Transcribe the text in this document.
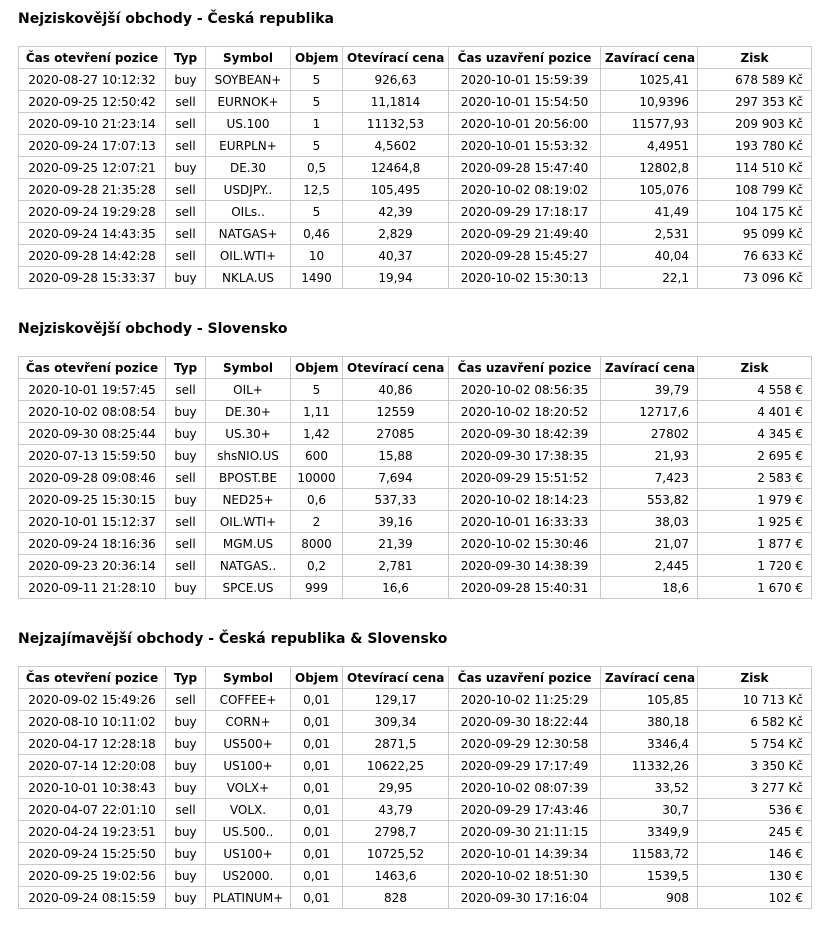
Nejziskovější obchody - Česká republika
Čas otevření pozice	Typ	Symbol	Objem	Otevírací cena	Čas uzavření pozice	Zavírací cena	Zisk
2020-08-27 10:12:32	buy	SOYBEAN+	5	926,63	2020-10-01 15:59:39	1025,41	678 589 Kč
2020-09-25 12:50:42	sell	EURNOK+	5	11,1814	2020-10-01 15:54:50	10,9396	297 353 Kč
2020-09-10 21:23:14	sell	US.100	1	11132,53	2020-10-01 20:56:00	11577,93	209 903 Kč
2020-09-24 17:07:13	sell	EURPLN+	5	4,5602	2020-10-01 15:53:32	4,4951	193 780 Kč
2020-09-25 12:07:21	buy	DE.30	0,5	12464,8	2020-09-28 15:47:40	12802,8	114 510 Kč
2020-09-28 21:35:28	sell	USDJPY..	12,5	105,495	2020-10-02 08:19:02	105,076	108 799 Kč
2020-09-24 19:29:28	sell	OILs..	5	42,39	2020-09-29 17:18:17	41,49	104 175 Kč
2020-09-24 14:43:35	sell	NATGAS+	0,46	2,829	2020-09-29 21:49:40	2,531	95 099 Kč
2020-09-28 14:42:28	sell	OIL.WTI+	10	40,37	2020-09-28 15:45:27	40,04	76 633 Kč
2020-09-28 15:33:37	buy	NKLA.US	1490	19,94	2020-10-02 15:30:13	22,1	73 096 Kč
Nejziskovější obchody - Slovensko
Čas otevření pozice	Typ	Symbol	Objem	Otevírací cena	Čas uzavření pozice	Zavírací cena	Zisk
2020-10-01 19:57:45	sell	OIL+	5	40,86	2020-10-02 08:56:35	39,79	4 558 €
2020-10-02 08:08:54	buy	DE.30+	1,11	12559	2020-10-02 18:20:52	12717,6	4 401 €
2020-09-30 08:25:44	buy	US.30+	1,42	27085	2020-09-30 18:42:39	27802	4 345 €
2020-07-13 15:59:50	buy	shsNIO.US	600	15,88	2020-09-30 17:38:35	21,93	2 695 €
2020-09-28 09:08:46	sell	BPOST.BE	10000	7,694	2020-09-29 15:51:52	7,423	2 583 €
2020-09-25 15:30:15	buy	NED25+	0,6	537,33	2020-10-02 18:14:23	553,82	1 979 €
2020-10-01 15:12:37	sell	OIL.WTI+	2	39,16	2020-10-01 16:33:33	38,03	1 925 €
2020-09-24 18:16:36	sell	MGM.US	8000	21,39	2020-10-02 15:30:46	21,07	1 877 €
2020-09-23 20:36:14	sell	NATGAS..	0,2	2,781	2020-09-30 14:38:39	2,445	1 720 €
2020-09-11 21:28:10	buy	SPCE.US	999	16,6	2020-09-28 15:40:31	18,6	1 670 €
Nejzajímavější obchody - Česká republika & Slovensko
Čas otevření pozice	Typ	Symbol	Objem	Otevírací cena	Čas uzavření pozice	Zavírací cena	Zisk
2020-09-02 15:49:26	sell	COFFEE+	0,01	129,17	2020-10-02 11:25:29	105,85	10 713 Kč
2020-08-10 10:11:02	buy	CORN+	0,01	309,34	2020-09-30 18:22:44	380,18	6 582 Kč
2020-04-17 12:28:18	buy	US500+	0,01	2871,5	2020-09-29 12:30:58	3346,4	5 754 Kč
2020-07-14 12:20:08	buy	US100+	0,01	10622,25	2020-09-29 17:17:49	11332,26	3 350 Kč
2020-10-01 10:38:43	buy	VOLX+	0,01	29,95	2020-10-02 08:07:39	33,52	3 277 Kč
2020-04-07 22:01:10	sell	VOLX.	0,01	43,79	2020-09-29 17:43:46	30,7	536 €
2020-04-24 19:23:51	buy	US.500..	0,01	2798,7	2020-09-30 21:11:15	3349,9	245 €
2020-09-24 15:25:50	buy	US100+	0,01	10725,52	2020-10-01 14:39:34	11583,72	146 €
2020-09-25 19:02:56	buy	US2000.	0,01	1463,6	2020-10-02 18:51:30	1539,5	130 €
2020-09-24 08:15:59	buy	PLATINUM+	0,01	828	2020-09-30 17:16:04	908	102 €
